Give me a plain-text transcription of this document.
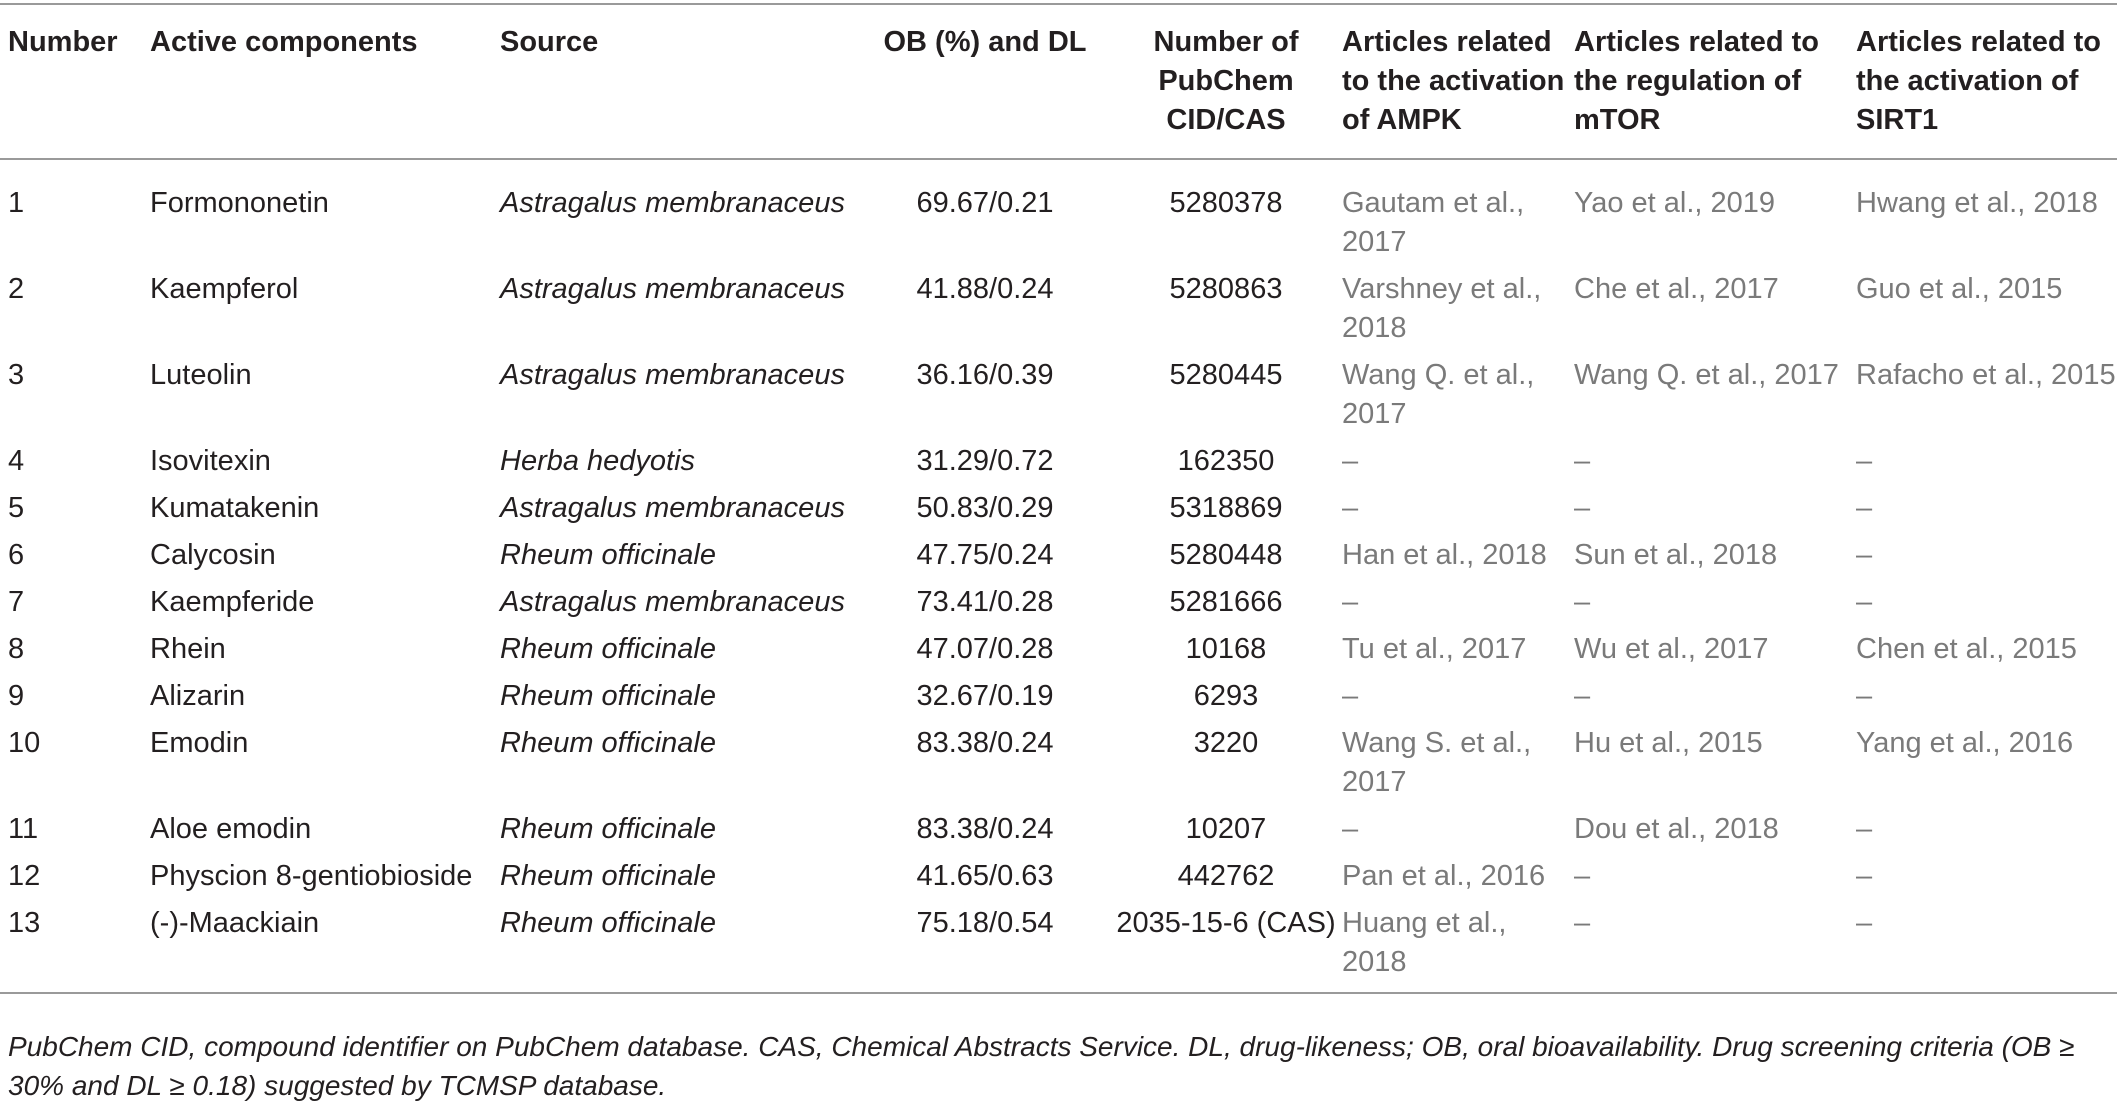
Number	Active components	Source	OB (%) and DL	Number of PubChem CID/CAS	Articles related to the activation of AMPK	Articles related to the regulation of mTOR	Articles related to the activation of SIRT1
1	Formononetin	Astragalus membranaceus	69.67/0.21	5280378	Gautam et al., 2017	Yao et al., 2019	Hwang et al., 2018
2	Kaempferol	Astragalus membranaceus	41.88/0.24	5280863	Varshney et al., 2018	Che et al., 2017	Guo et al., 2015
3	Luteolin	Astragalus membranaceus	36.16/0.39	5280445	Wang Q. et al., 2017	Wang Q. et al., 2017	Rafacho et al., 2015
4	Isovitexin	Herba hedyotis	31.29/0.72	162350	–	–	–
5	Kumatakenin	Astragalus membranaceus	50.83/0.29	5318869	–	–	–
6	Calycosin	Rheum officinale	47.75/0.24	5280448	Han et al., 2018	Sun et al., 2018	–
7	Kaempferide	Astragalus membranaceus	73.41/0.28	5281666	–	–	–
8	Rhein	Rheum officinale	47.07/0.28	10168	Tu et al., 2017	Wu et al., 2017	Chen et al., 2015
9	Alizarin	Rheum officinale	32.67/0.19	6293	–	–	–
10	Emodin	Rheum officinale	83.38/0.24	3220	Wang S. et al., 2017	Hu et al., 2015	Yang et al., 2016
11	Aloe emodin	Rheum officinale	83.38/0.24	10207	–	Dou et al., 2018	–
12	Physcion 8-gentiobioside	Rheum officinale	41.65/0.63	442762	Pan et al., 2016	–	–
13	(-)-Maackiain	Rheum officinale	75.18/0.54	2035-15-6 (CAS)	Huang et al., 2018	–	–
PubChem CID, compound identifier on PubChem database. CAS, Chemical Abstracts Service. DL, drug-likeness; OB, oral bioavailability. Drug screening criteria (OB ≥ 30% and DL ≥ 0.18) suggested by TCMSP database.
